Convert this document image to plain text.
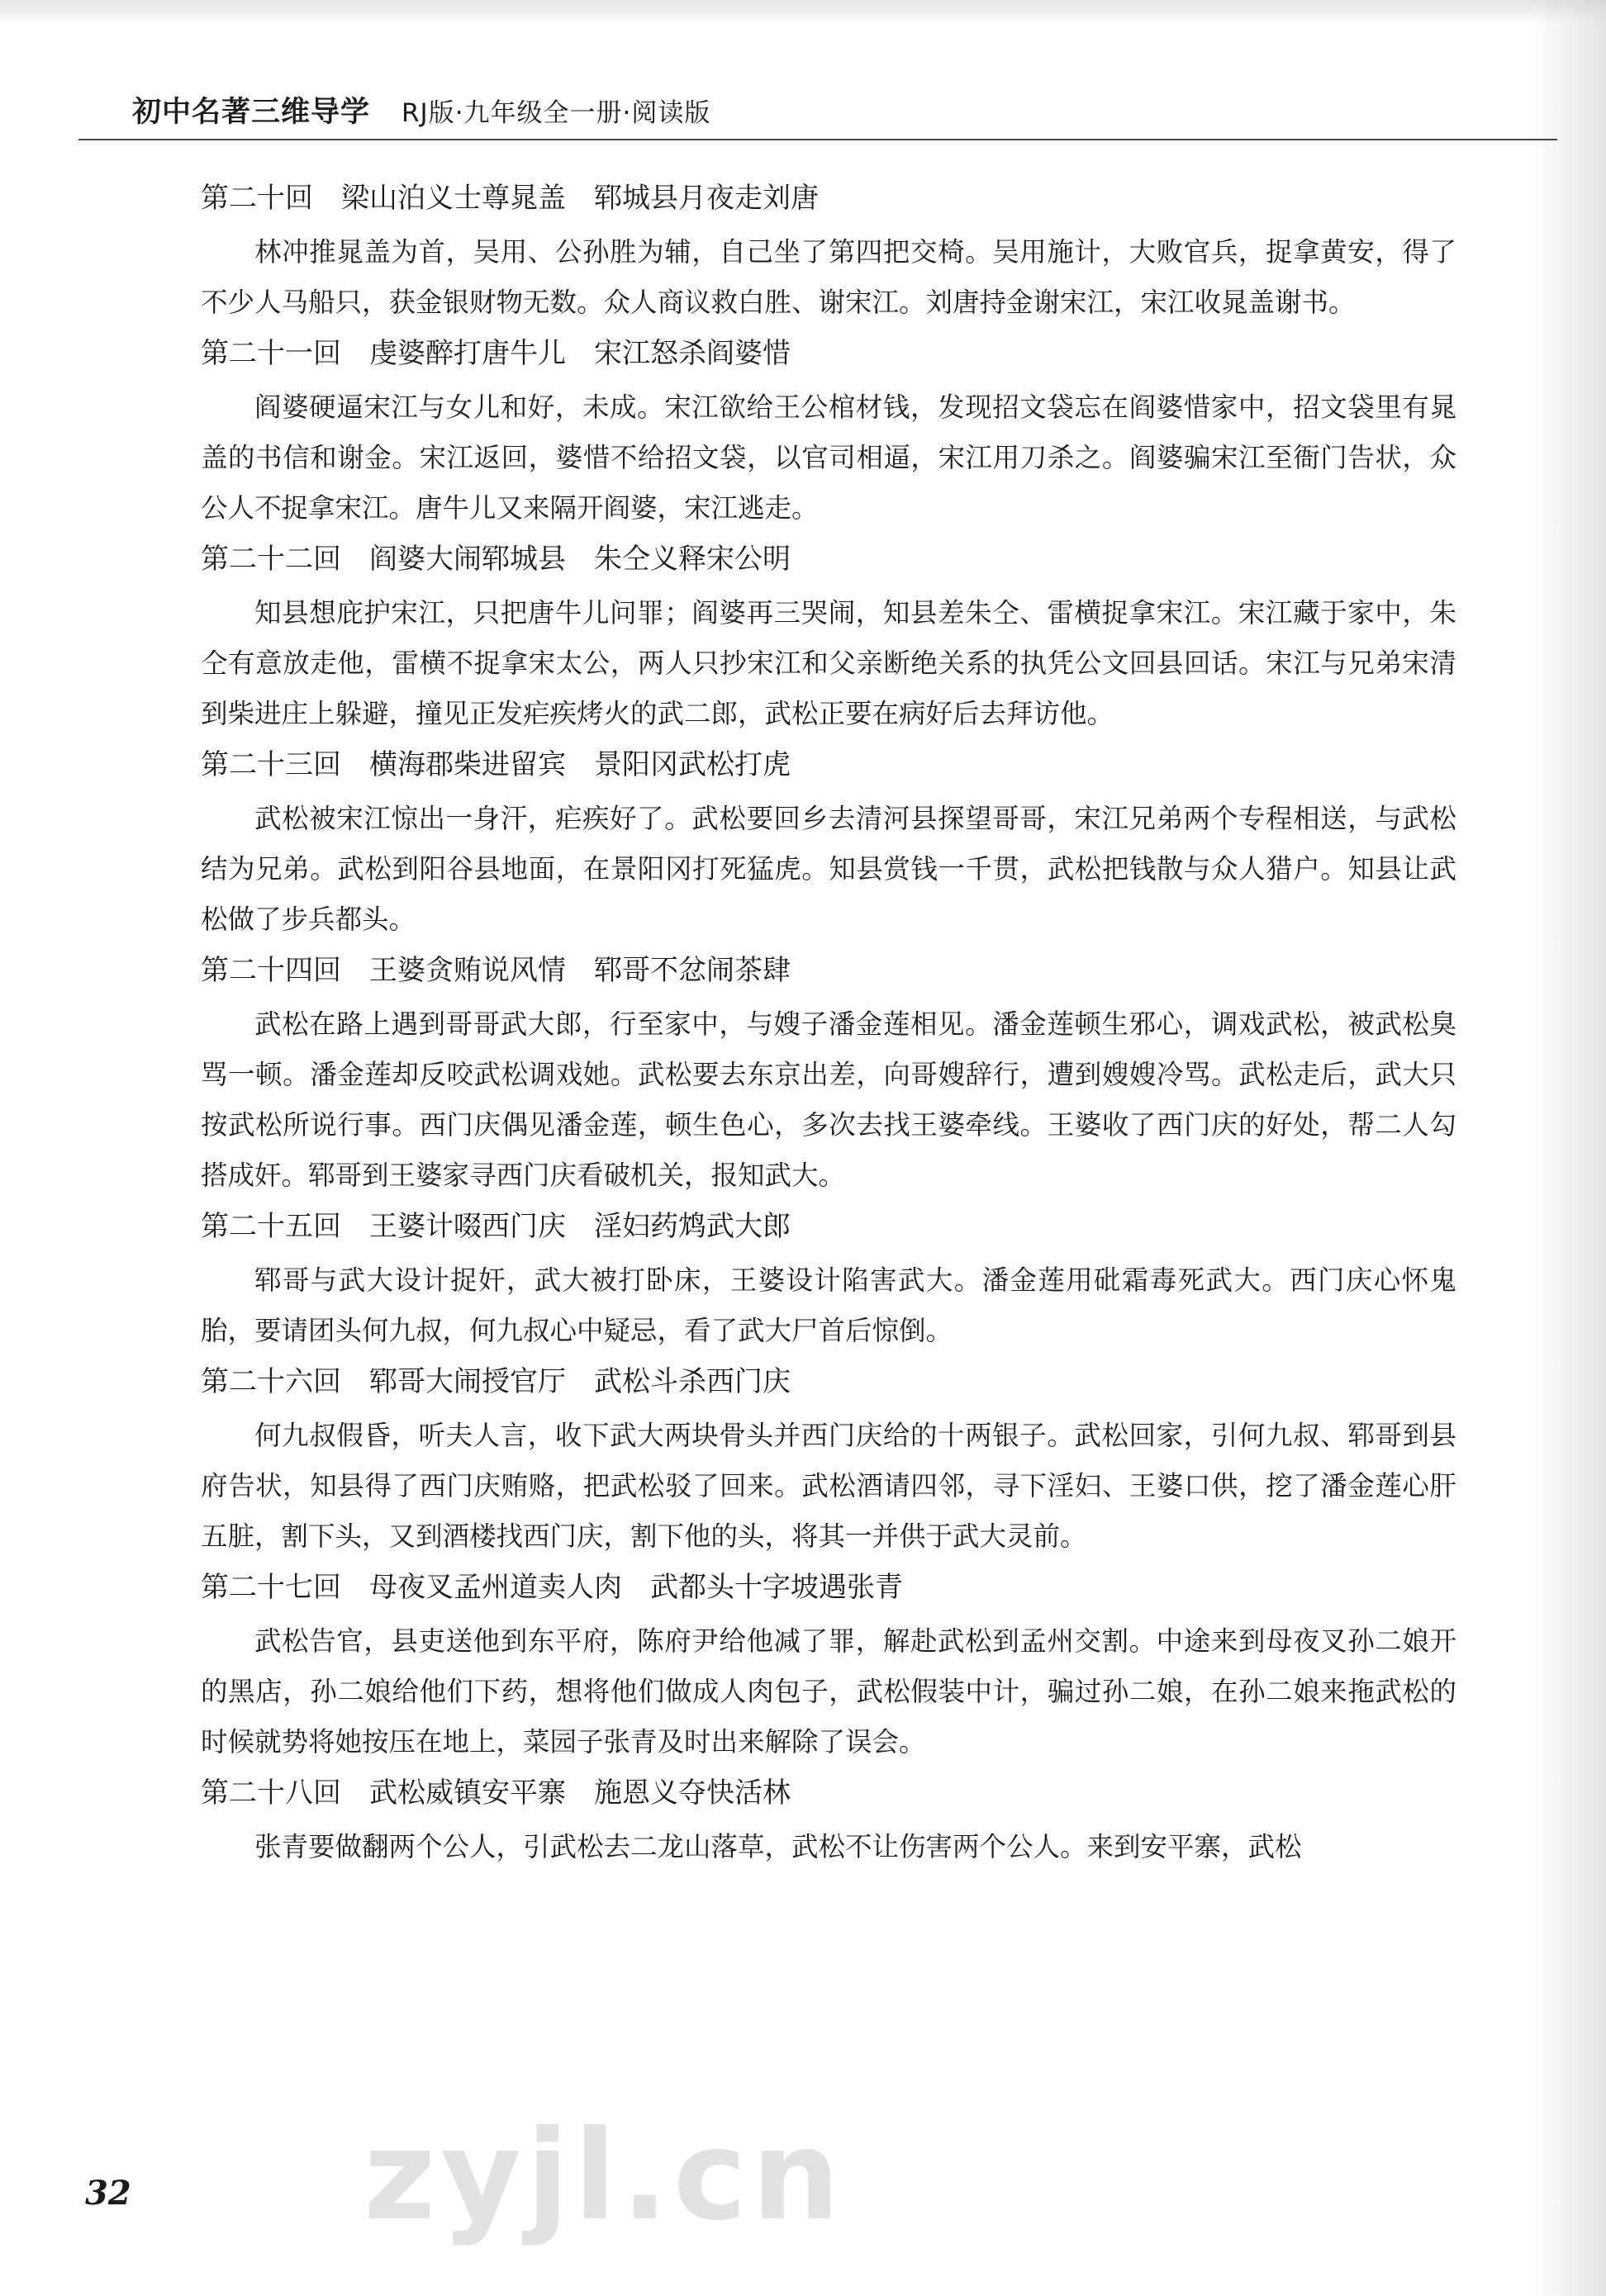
初中名著三维导学 RJ版·九年级全一册·阅读版
第二十回　梁山泊义士尊晁盖　郓城县月夜走刘唐

林冲推晁盖为首，吴用、公孙胜为辅，自己坐了第四把交椅。吴用施计，大败官兵，捉拿黄安，得了不少人马船只，获金银财物无数。众人商议救白胜、谢宋江。刘唐持金谢宋江，宋江收晁盖谢书。

第二十一回　虔婆醉打唐牛儿　宋江怒杀阎婆惜

阎婆硬逼宋江与女儿和好，未成。宋江欲给王公棺材钱，发现招文袋忘在阎婆惜家中，招文袋里有晁盖的书信和谢金。宋江返回，婆惜不给招文袋，以官司相逼，宋江用刀杀之。阎婆骗宋江至衙门告状，众公人不捉拿宋江。唐牛儿又来隔开阎婆，宋江逃走。

第二十二回　阎婆大闹郓城县　朱仝义释宋公明

知县想庇护宋江，只把唐牛儿问罪；阎婆再三哭闹，知县差朱仝、雷横捉拿宋江。宋江藏于家中，朱仝有意放走他，雷横不捉拿宋太公，两人只抄宋江和父亲断绝关系的执凭公文回县回话。宋江与兄弟宋清到柴进庄上躲避，撞见正发疟疾烤火的武二郎，武松正要在病好后去拜访他。

第二十三回　横海郡柴进留宾　景阳冈武松打虎

武松被宋江惊出一身汗，疟疾好了。武松要回乡去清河县探望哥哥，宋江兄弟两个专程相送，与武松结为兄弟。武松到阳谷县地面，在景阳冈打死猛虎。知县赏钱一千贯，武松把钱散与众人猎户。知县让武松做了步兵都头。

第二十四回　王婆贪贿说风情　郓哥不忿闹茶肆

武松在路上遇到哥哥武大郎，行至家中，与嫂子潘金莲相见。潘金莲顿生邪心，调戏武松，被武松臭骂一顿。潘金莲却反咬武松调戏她。武松要去东京出差，向哥嫂辞行，遭到嫂嫂冷骂。武松走后，武大只按武松所说行事。西门庆偶见潘金莲，顿生色心，多次去找王婆牵线。王婆收了西门庆的好处，帮二人勾搭成奸。郓哥到王婆家寻西门庆看破机关，报知武大。

第二十五回　王婆计啜西门庆　淫妇药鸩武大郎

郓哥与武大设计捉奸，武大被打卧床，王婆设计陷害武大。潘金莲用砒霜毒死武大。西门庆心怀鬼胎，要请团头何九叔，何九叔心中疑忌，看了武大尸首后惊倒。

第二十六回　郓哥大闹授官厅　武松斗杀西门庆

何九叔假昏，听夫人言，收下武大两块骨头并西门庆给的十两银子。武松回家，引何九叔、郓哥到县府告状，知县得了西门庆贿赂，把武松驳了回来。武松酒请四邻，寻下淫妇、王婆口供，挖了潘金莲心肝五脏，割下头，又到酒楼找西门庆，割下他的头，将其一并供于武大灵前。

第二十七回　母夜叉孟州道卖人肉　武都头十字坡遇张青

武松告官，县吏送他到东平府，陈府尹给他减了罪，解赴武松到孟州交割。中途来到母夜叉孙二娘开的黑店，孙二娘给他们下药，想将他们做成人肉包子，武松假装中计，骗过孙二娘，在孙二娘来拖武松的时候就势将她按压在地上，菜园子张青及时出来解除了误会。

第二十八回　武松威镇安平寨　施恩义夺快活林

张青要做翻两个公人，引武松去二龙山落草，武松不让伤害两个公人。来到安平寨，武松

zyjl.cn
32
